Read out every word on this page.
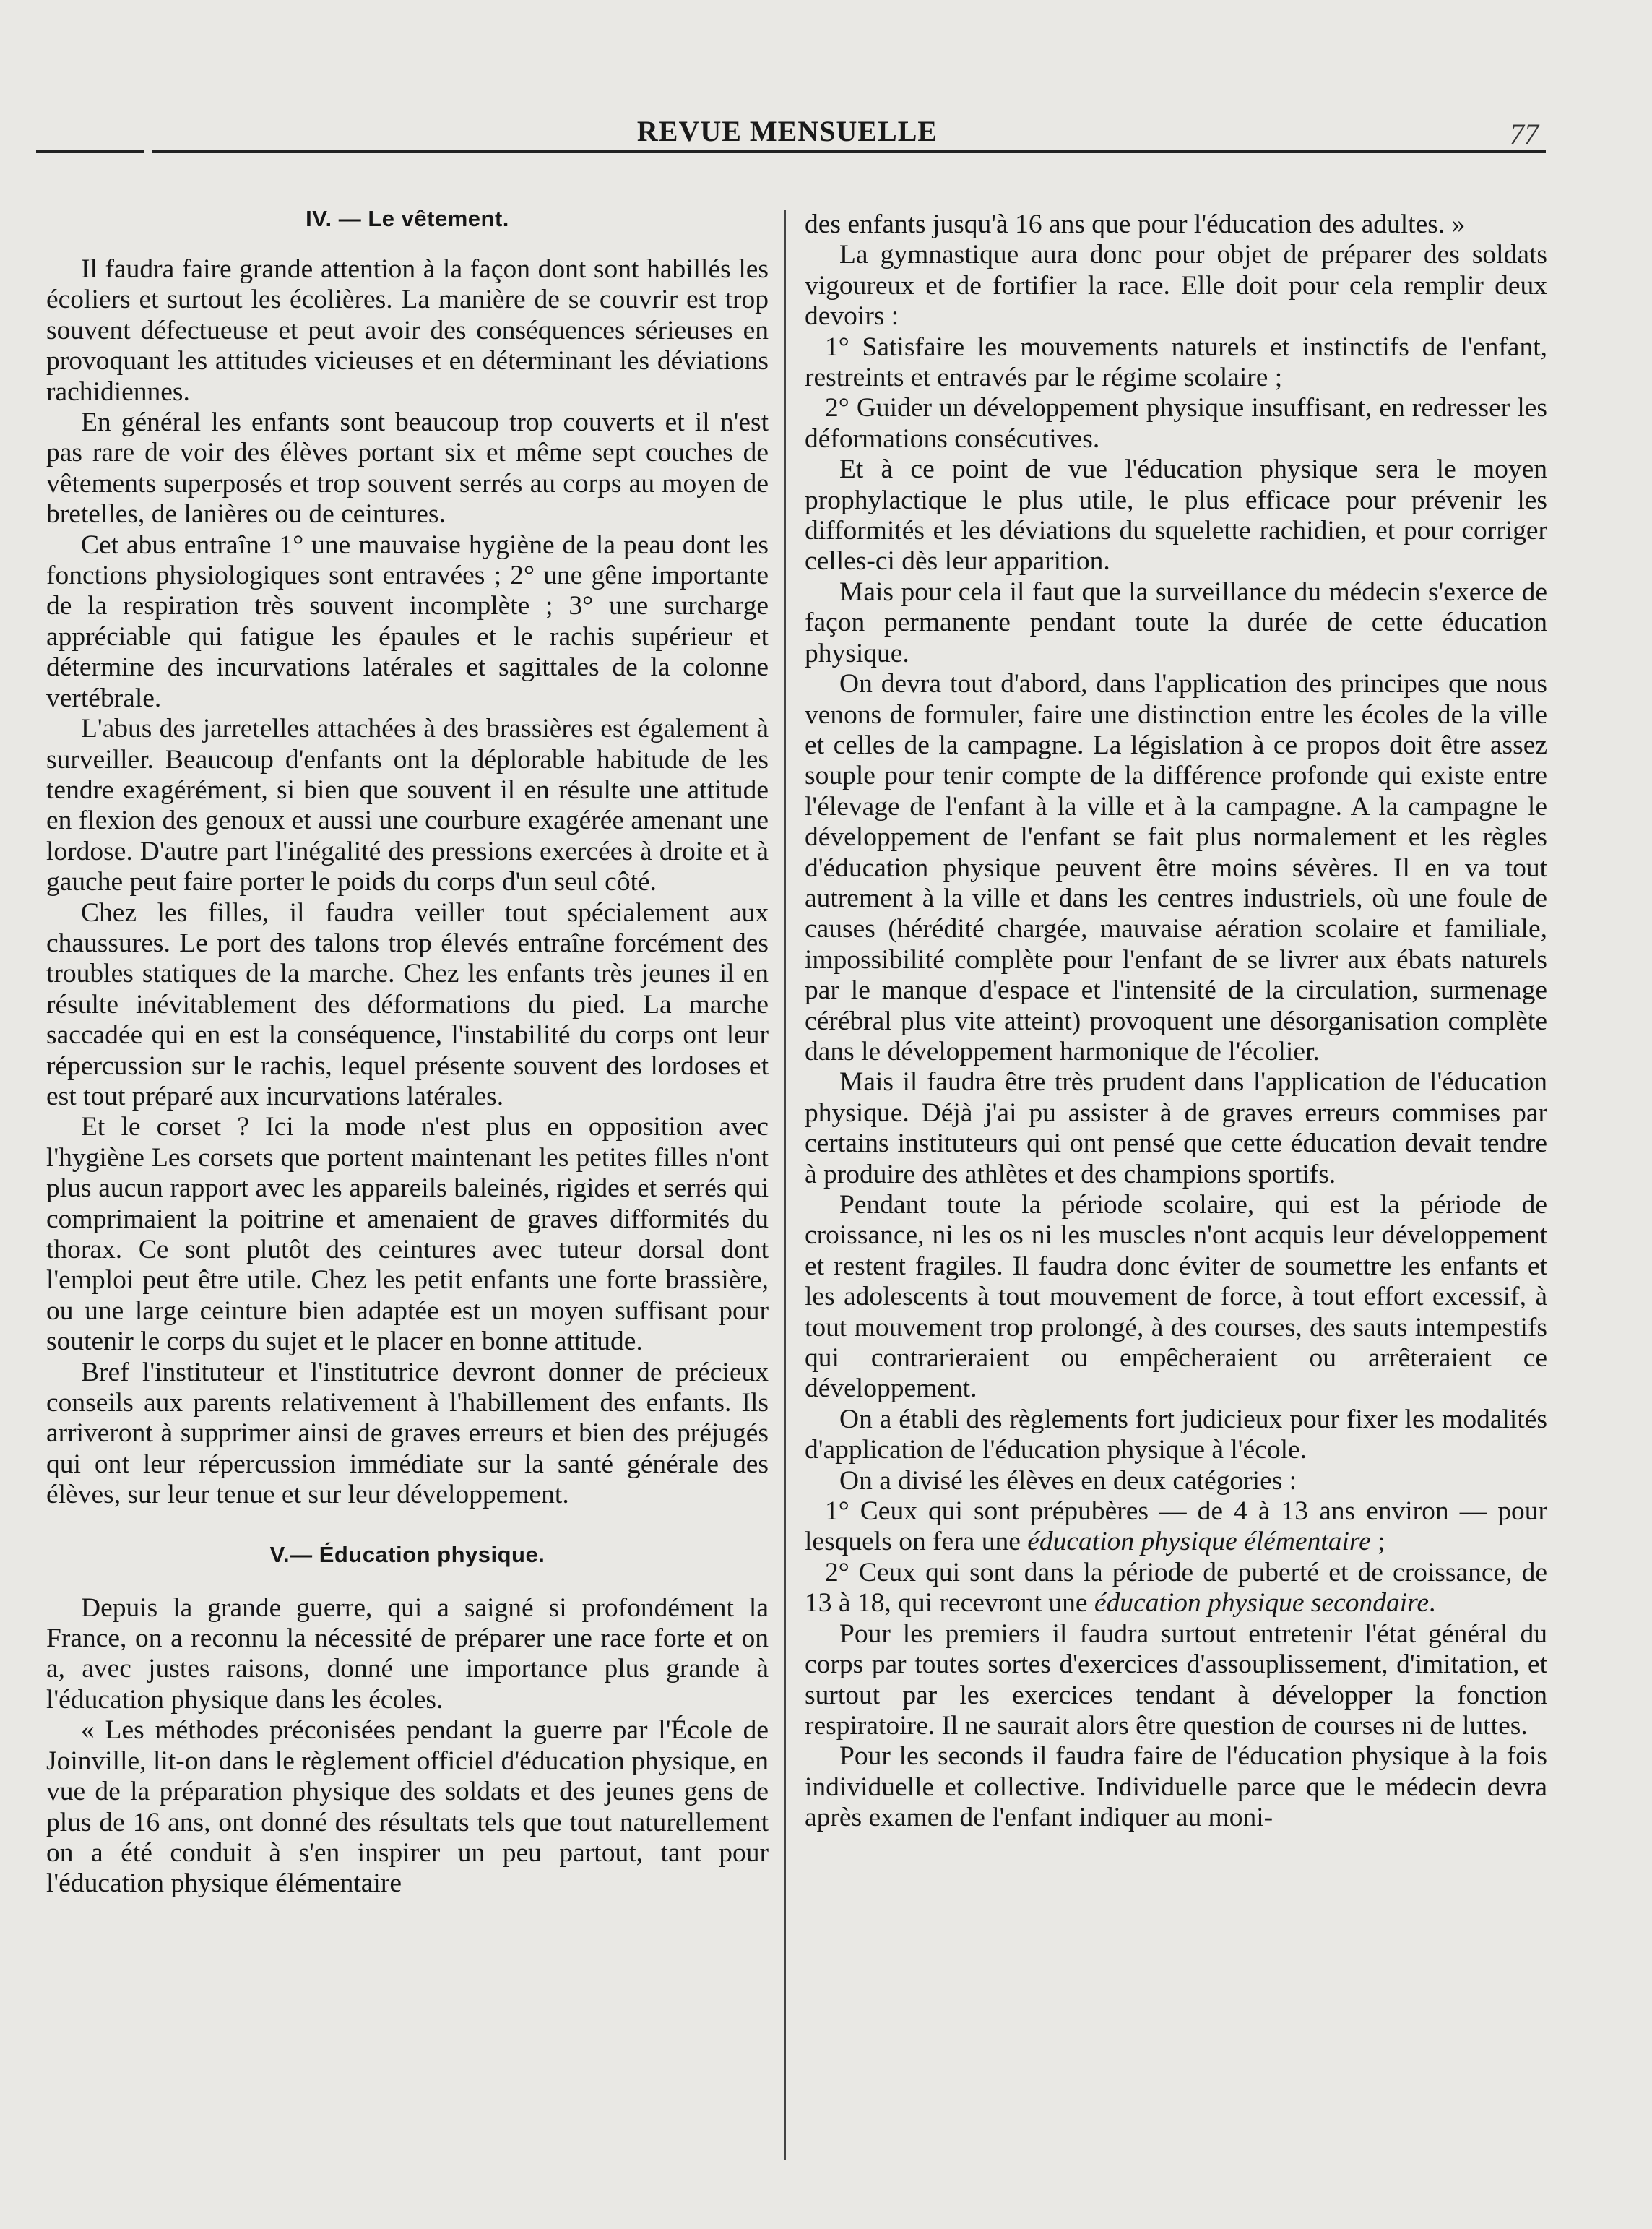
REVUE MENSUELLE	77
IV. — Le vêtement.

Il faudra faire grande attention à la façon dont sont habillés les écoliers et surtout les écolières. La manière de se couvrir est trop souvent défectueuse et peut avoir des conséquences sérieuses en provoquant les attitudes vicieuses et en déterminant les déviations rachidiennes.

En général les enfants sont beaucoup trop couverts et il n'est pas rare de voir des élèves portant six et même sept couches de vêtements superposés et trop souvent serrés au corps au moyen de bretelles, de lanières ou de ceintures.

Cet abus entraîne 1° une mauvaise hygiène de la peau dont les fonctions physiologiques sont entravées ; 2° une gêne importante de la respiration très souvent incomplète ; 3° une surcharge appréciable qui fatigue les épaules et le rachis supérieur et détermine des incurvations latérales et sagittales de la colonne vertébrale.

L'abus des jarretelles attachées à des brassières est également à surveiller. Beaucoup d'enfants ont la déplorable habitude de les tendre exagérément, si bien que souvent il en résulte une attitude en flexion des genoux et aussi une courbure exagérée amenant une lordose. D'autre part l'inégalité des pressions exercées à droite et à gauche peut faire porter le poids du corps d'un seul côté.

Chez les filles, il faudra veiller tout spécialement aux chaussures. Le port des talons trop élevés entraîne forcément des troubles statiques de la marche. Chez les enfants très jeunes il en résulte inévitablement des déformations du pied. La marche saccadée qui en est la conséquence, l'instabilité du corps ont leur répercussion sur le rachis, lequel présente souvent des lordoses et est tout préparé aux incurvations latérales.

Et le corset ? Ici la mode n'est plus en opposition avec l'hygiène Les corsets que portent maintenant les petites filles n'ont plus aucun rapport avec les appareils baleinés, rigides et serrés qui comprimaient la poitrine et amenaient de graves difformités du thorax. Ce sont plutôt des ceintures avec tuteur dorsal dont l'emploi peut être utile. Chez les petit enfants une forte brassière, ou une large ceinture bien adaptée est un moyen suffisant pour soutenir le corps du sujet et le placer en bonne attitude.

Bref l'instituteur et l'institutrice devront donner de précieux conseils aux parents relativement à l'habillement des enfants. Ils arriveront à supprimer ainsi de graves erreurs et bien des préjugés qui ont leur répercussion immédiate sur la santé générale des élèves, sur leur tenue et sur leur développement.

V.— Éducation physique.

Depuis la grande guerre, qui a saigné si profondément la France, on a reconnu la nécessité de préparer une race forte et on a, avec justes raisons, donné une importance plus grande à l'éducation physique dans les écoles.

« Les méthodes préconisées pendant la guerre par l'École de Joinville, lit-on dans le règlement officiel d'éducation physique, en vue de la préparation physique des soldats et des jeunes gens de plus de 16 ans, ont donné des résultats tels que tout naturellement on a été conduit à s'en inspirer un peu partout, tant pour l'éducation physique élémentaire

des enfants jusqu'à 16 ans que pour l'éducation des adultes. »

La gymnastique aura donc pour objet de préparer des soldats vigoureux et de fortifier la race. Elle doit pour cela remplir deux devoirs :

1° Satisfaire les mouvements naturels et instinctifs de l'enfant, restreints et entravés par le régime scolaire ;

2° Guider un développement physique insuffisant, en redresser les déformations consécutives.

Et à ce point de vue l'éducation physique sera le moyen prophylactique le plus utile, le plus efficace pour prévenir les difformités et les déviations du squelette rachidien, et pour corriger celles-ci dès leur apparition.

Mais pour cela il faut que la surveillance du médecin s'exerce de façon permanente pendant toute la durée de cette éducation physique.

On devra tout d'abord, dans l'application des principes que nous venons de formuler, faire une distinction entre les écoles de la ville et celles de la campagne. La législation à ce propos doit être assez souple pour tenir compte de la différence profonde qui existe entre l'élevage de l'enfant à la ville et à la campagne. A la campagne le développement de l'enfant se fait plus normalement et les règles d'éducation physique peuvent être moins sévères. Il en va tout autrement à la ville et dans les centres industriels, où une foule de causes (hérédité chargée, mauvaise aération scolaire et familiale, impossibilité complète pour l'enfant de se livrer aux ébats naturels par le manque d'espace et l'intensité de la circulation, surmenage cérébral plus vite atteint) provoquent une désorganisation complète dans le développement harmonique de l'écolier.

Mais il faudra être très prudent dans l'application de l'éducation physique. Déjà j'ai pu assister à de graves erreurs commises par certains instituteurs qui ont pensé que cette éducation devait tendre à produire des athlètes et des champions sportifs.

Pendant toute la période scolaire, qui est la période de croissance, ni les os ni les muscles n'ont acquis leur développement et restent fragiles. Il faudra donc éviter de soumettre les enfants et les adolescents à tout mouvement de force, à tout effort excessif, à tout mouvement trop prolongé, à des courses, des sauts intempestifs qui contrarieraient ou empêcheraient ou arrêteraient ce développement.

On a établi des règlements fort judicieux pour fixer les modalités d'application de l'éducation physique à l'école.

On a divisé les élèves en deux catégories :

1° Ceux qui sont prépubères — de 4 à 13 ans environ — pour lesquels on fera une éducation physique élémentaire ;

2° Ceux qui sont dans la période de puberté et de croissance, de 13 à 18, qui recevront une éducation physique secondaire.

Pour les premiers il faudra surtout entretenir l'état général du corps par toutes sortes d'exercices d'assouplissement, d'imitation, et surtout par les exercices tendant à développer la fonction respiratoire. Il ne saurait alors être question de courses ni de luttes.

Pour les seconds il faudra faire de l'éducation physique à la fois individuelle et collective. Individuelle parce que le médecin devra après examen de l'enfant indiquer au moni-
